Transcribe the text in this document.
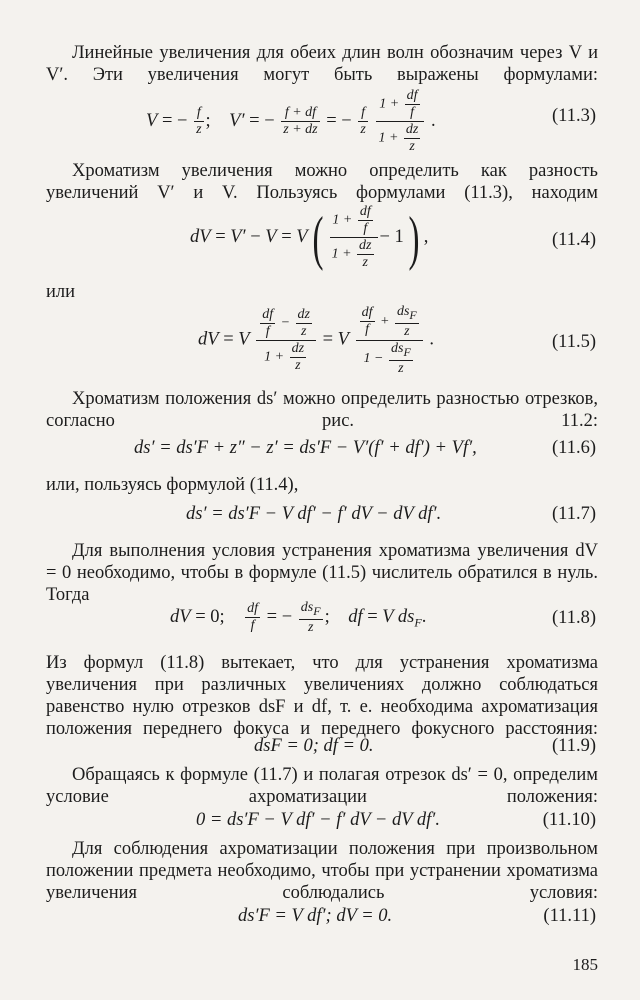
Линейные увеличения для обеих длин волн обозначим через V и V′. Эти увеличения могут быть выражены формулами:

V = − $\frac{f}{z}$ ; V′ = − $\frac{f + df}{z + dz}$ = − $\frac{f}{z}$

$1 + \frac{df}{f}$
$1 + \frac{dz}{z}$
.	(11.3)

Хроматизм увеличения можно определить как разность увеличений V′ и V. Пользуясь формулами (11.3), находим

dV = V′ − V = V( $1 + \frac{df}{f}$
$1 + \frac{dz}{z}$
− 1) ,	(11.4)

или

dV = V $\frac{df}{f} - \frac{dz}{z}$
$1 + \frac{dz}{z}$
= V
$\frac{df}{f}$ +
$ds_F$
z
1 −
$ds_F$
z
.	(11.5)

Хроматизм положения ds′ можно определить разностью отрезков, согласно рис. 11.2:

ds′ = ds′F + z″ − z′ = ds′F − V′(f′ + df′) + Vf′,	(11.6)

или, пользуясь формулой (11.4),

ds′ = ds′F − V df′ − f′ dV − dV df′.	(11.7)

Для выполнения условия устранения хроматизма увеличения dV = 0 необходимо, чтобы в формуле (11.5) числитель обратился в нуль. Тогда

dV = 0; $\frac{df}{f}$ = − $ds_F$
z
; df = V $ds_F$.	(11.8)

Из формул (11.8) вытекает, что для устранения хроматизма увеличения при различных увеличениях должно соблюдаться равенство нулю отрезков dsF и df, т. е. необходима ахроматизация положения переднего фокуса и переднего фокусного расстояния:

dsF = 0; df = 0.	(11.9)

Обращаясь к формуле (11.7) и полагая отрезок ds′ = 0, определим условие ахроматизации положения:

0 = ds′F − V df′ − f′ dV − dV df′.	(11.10)

Для соблюдения ахроматизации положения при произвольном положении предмета необходимо, чтобы при устранении хроматизма увеличения соблюдались условия:

ds′F = V df′; dV = 0.	(11.11)
185
